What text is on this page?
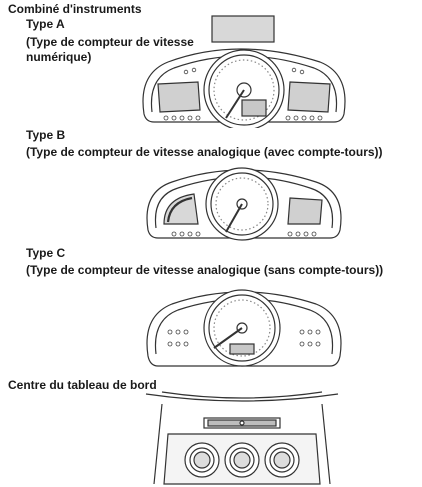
Combiné d'instruments
Type A
(Type de compteur de vitesse
numérique)
Type B
(Type de compteur de vitesse analogique (avec compte-tours))
Type C
(Type de compteur de vitesse analogique (sans compte-tours))
Centre du tableau de bord
